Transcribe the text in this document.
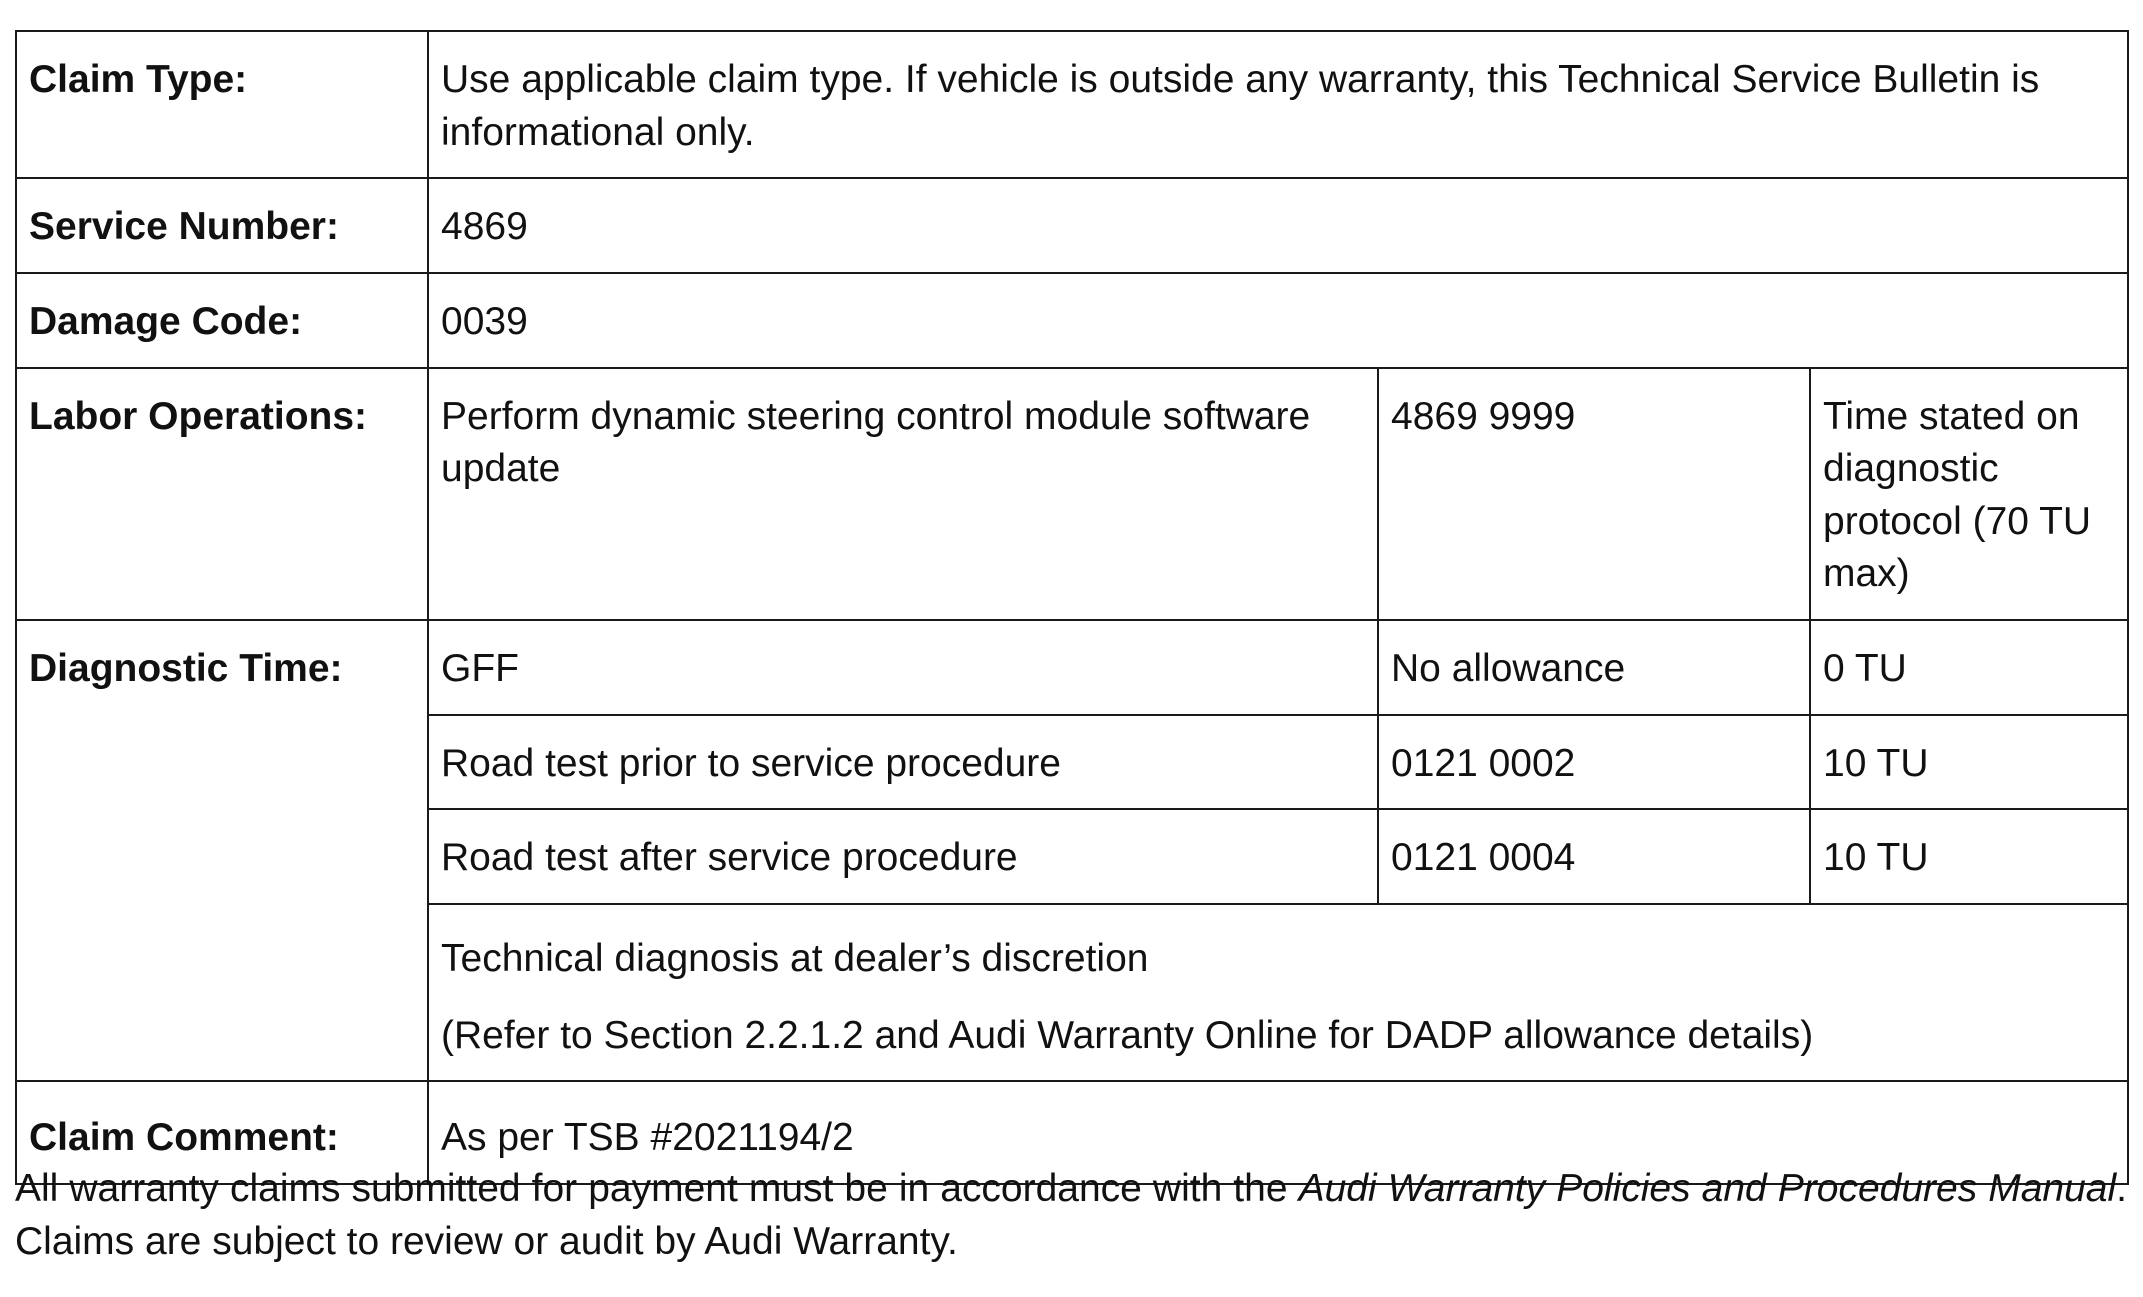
Claim Type:	Use applicable claim type. If vehicle is outside any warranty, this Technical Service Bulletin is informational only.		
Service Number:	4869		
Damage Code:	0039		
Labor Operations:	Perform dynamic steering control module software update	4869 9999	Time stated on diagnostic protocol (70 TU max)
Diagnostic Time:	GFF	No allowance	0 TU
	Road test prior to service procedure	0121 0002	10 TU
	Road test after service procedure	0121 0004	10 TU

	Technical diagnosis at dealer’s discretion
(Refer to Section 2.2.1.2 and Audi Warranty Online for DADP allowance details)		

Claim Comment:	As per TSB #2021194/2		

All warranty claims submitted for payment must be in accordance with the Audi Warranty Policies and Procedures Manual. Claims are subject to review or audit by Audi Warranty.
